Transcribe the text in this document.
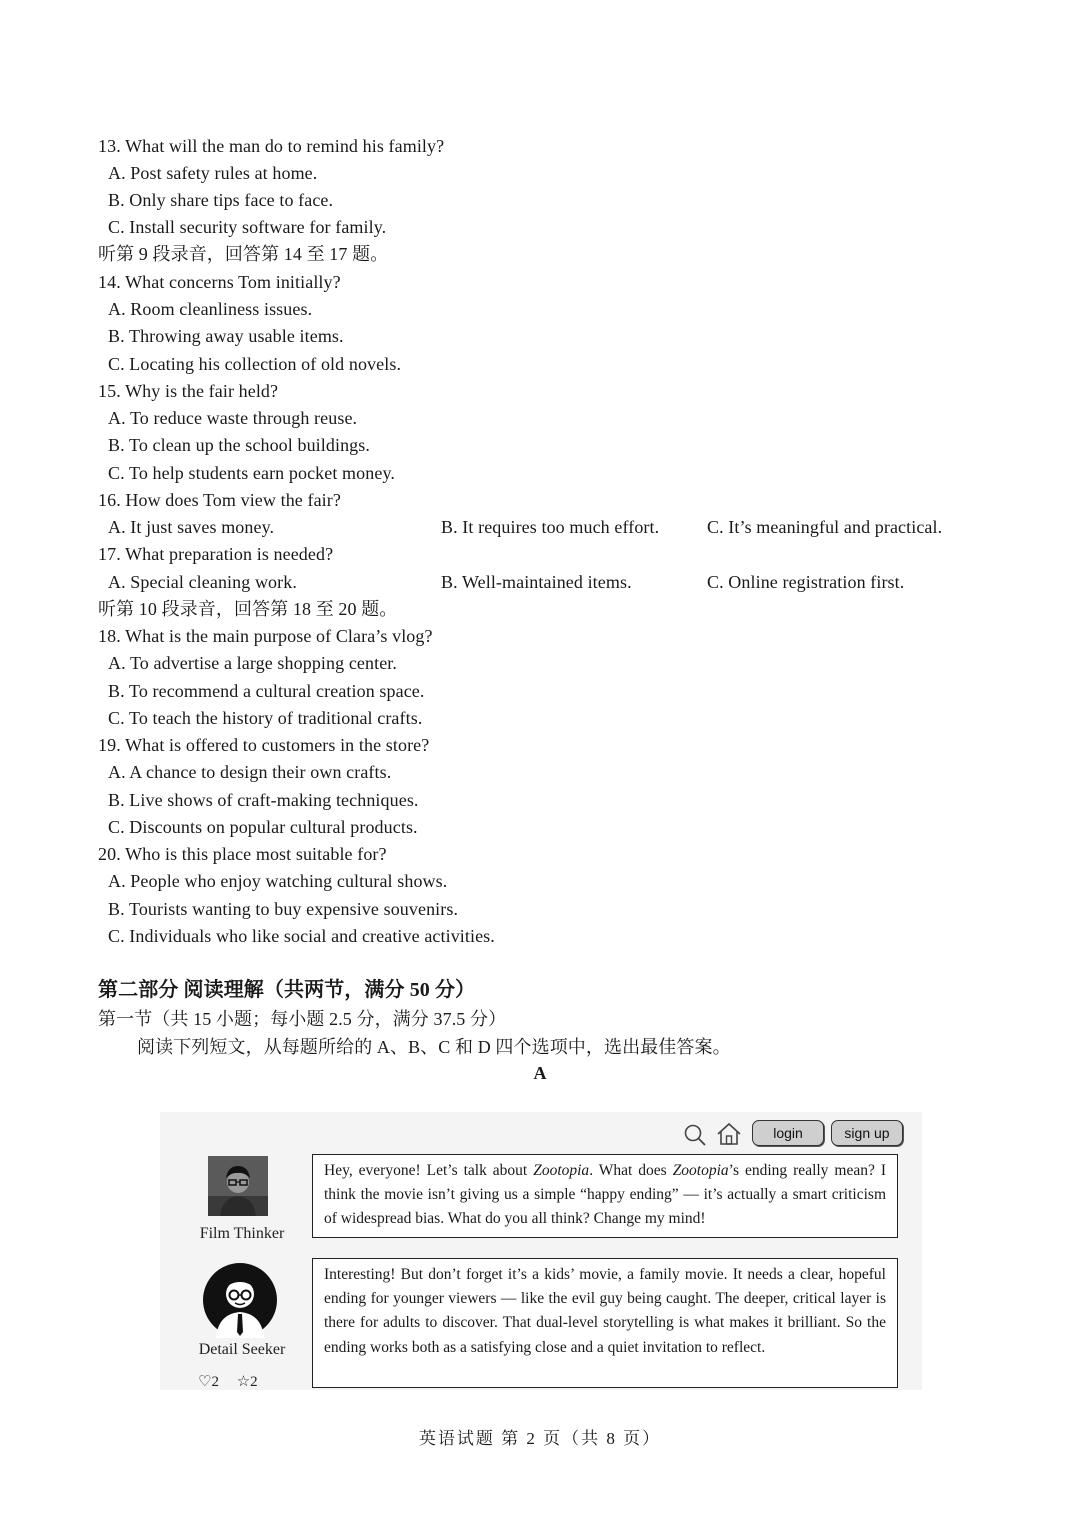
13. What will the man do to remind his family?
A. Post safety rules at home.
B. Only share tips face to face.
C. Install security software for family.
听第 9 段录音，回答第 14 至 17 题。
14. What concerns Tom initially?
A. Room cleanliness issues.
B. Throwing away usable items.
C. Locating his collection of old novels.
15. Why is the fair held?
A. To reduce waste through reuse.
B. To clean up the school buildings.
C. To help students earn pocket money.
16. How does Tom view the fair?
A. It just saves money.	B. It requires too much effort.	C. It’s meaningful and practical.
17. What preparation is needed?
A. Special cleaning work.	B. Well-maintained items.	C. Online registration first.
听第 10 段录音，回答第 18 至 20 题。
18. What is the main purpose of Clara’s vlog?
A. To advertise a large shopping center.
B. To recommend a cultural creation space.
C. To teach the history of traditional crafts.
19. What is offered to customers in the store?
A. A chance to design their own crafts.
B. Live shows of craft-making techniques.
C. Discounts on popular cultural products.
20. Who is this place most suitable for?
A. People who enjoy watching cultural shows.
B. Tourists wanting to buy expensive souvenirs.
C. Individuals who like social and creative activities.
第二部分 阅读理解（共两节，满分 50 分）
第一节（共 15 小题；每小题 2.5 分，满分 37.5 分）
阅读下列短文，从每题所给的 A、B、C 和 D 四个选项中，选出最佳答案。
A
login	sign up
Film Thinker
Hey, everyone! Let’s talk about Zootopia. What does Zootopia’s ending really mean? I think the movie isn’t giving us a simple “happy ending” — it’s actually a smart criticism of widespread bias. What do you all think? Change my mind!
Detail Seeker
♡2 ☆2
Interesting! But don’t forget it’s a kids’ movie, a family movie. It needs a clear, hopeful ending for younger viewers — like the evil guy being caught. The deeper, critical layer is there for adults to discover. That dual-level storytelling is what makes it brilliant. So the ending works both as a satisfying close and a quiet invitation to reflect.
英语试题 第 2 页（共 8 页）
